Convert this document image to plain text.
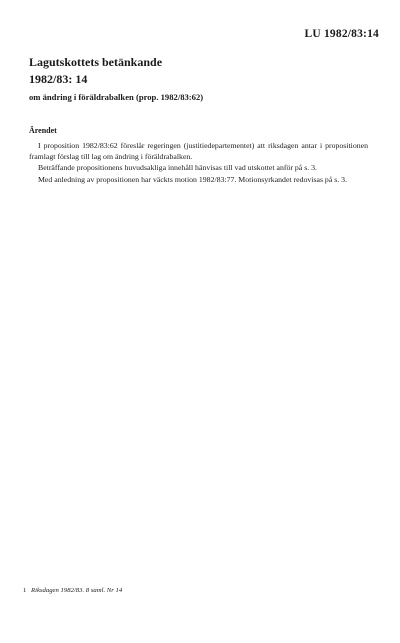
LU 1982/83:14
Lagutskottets betänkande
1982/83: 14
om ändring i föräldrabalken (prop. 1982/83:62)
Ärendet

I proposition 1982/83:62 föreslår regeringen (justitiedepartementet) att riksdagen antar i propositionen framlagt förslag till lag om ändring i föräldrabalken.

Beträffande propositionens huvudsakliga innehåll hänvisas till vad utskottet anför på s. 3.

Med anledning av propositionen har väckts motion 1982/83:77. Motionsyrkandet redovisas på s. 3.

1 Riksdagen 1982/83. 8 saml. Nr 14
